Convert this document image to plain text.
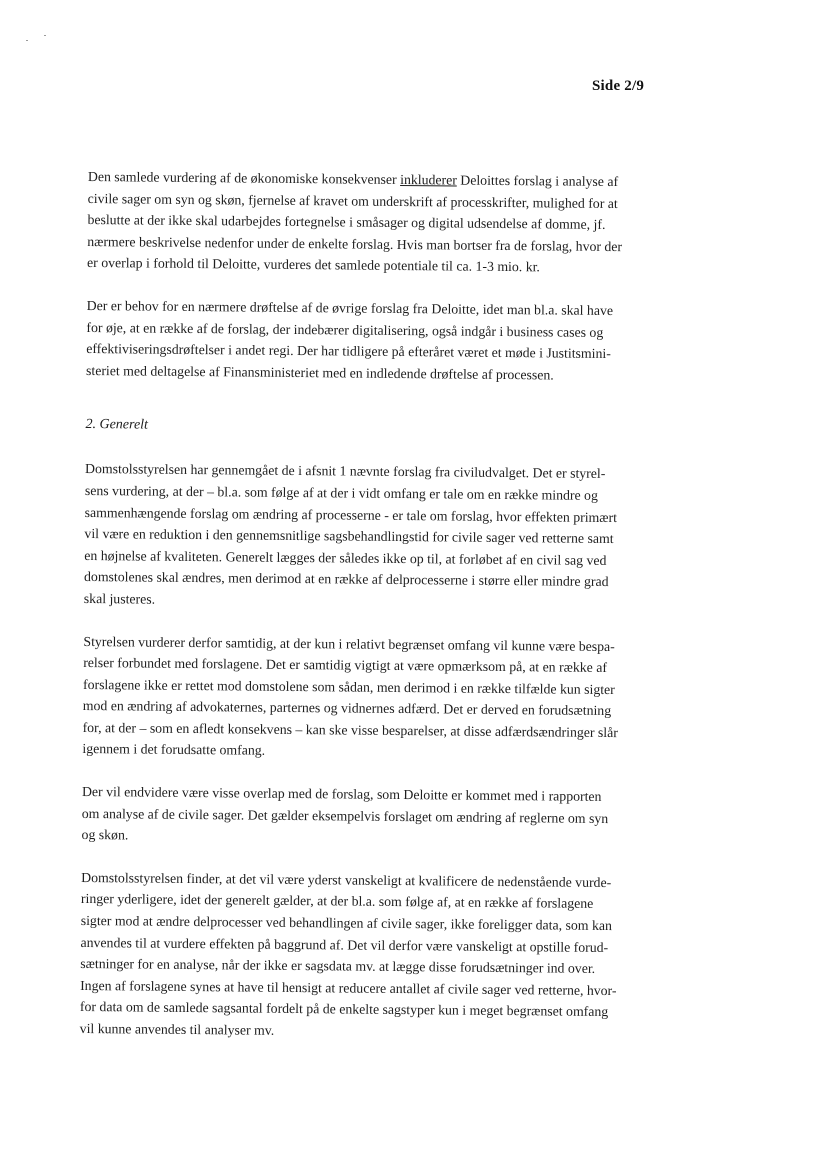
Side 2/9
Den samlede vurdering af de økonomiske konsekvenser inkluderer Deloittes forslag i analyse af
civile sager om syn og skøn, fjernelse af kravet om underskrift af processkrifter, mulighed for at
beslutte at der ikke skal udarbejdes fortegnelse i småsager og digital udsendelse af domme, jf.
nærmere beskrivelse nedenfor under de enkelte forslag. Hvis man bortser fra de forslag, hvor der
er overlap i forhold til Deloitte, vurderes det samlede potentiale til ca. 1-3 mio. kr.
Der er behov for en nærmere drøftelse af de øvrige forslag fra Deloitte, idet man bl.a. skal have
for øje, at en række af de forslag, der indebærer digitalisering, også indgår i business cases og
effektiviseringsdrøftelser i andet regi. Der har tidligere på efteråret været et møde i Justitsmini-
steriet med deltagelse af Finansministeriet med en indledende drøftelse af processen.
2. Generelt
Domstolsstyrelsen har gennemgået de i afsnit 1 nævnte forslag fra civiludvalget. Det er styrel-
sens vurdering, at der – bl.a. som følge af at der i vidt omfang er tale om en række mindre og
sammenhængende forslag om ændring af processerne - er tale om forslag, hvor effekten primært
vil være en reduktion i den gennemsnitlige sagsbehandlingstid for civile sager ved retterne samt
en højnelse af kvaliteten. Generelt lægges der således ikke op til, at forløbet af en civil sag ved
domstolenes skal ændres, men derimod at en række af delprocesserne i større eller mindre grad
skal justeres.
Styrelsen vurderer derfor samtidig, at der kun i relativt begrænset omfang vil kunne være bespa-
relser forbundet med forslagene. Det er samtidig vigtigt at være opmærksom på, at en række af
forslagene ikke er rettet mod domstolene som sådan, men derimod i en række tilfælde kun sigter
mod en ændring af advokaternes, parternes og vidnernes adfærd. Det er derved en forudsætning
for, at der – som en afledt konsekvens – kan ske visse besparelser, at disse adfærdsændringer slår
igennem i det forudsatte omfang.
Der vil endvidere være visse overlap med de forslag, som Deloitte er kommet med i rapporten
om analyse af de civile sager. Det gælder eksempelvis forslaget om ændring af reglerne om syn
og skøn.
Domstolsstyrelsen finder, at det vil være yderst vanskeligt at kvalificere de nedenstående vurde-
ringer yderligere, idet der generelt gælder, at der bl.a. som følge af, at en række af forslagene
sigter mod at ændre delprocesser ved behandlingen af civile sager, ikke foreligger data, som kan
anvendes til at vurdere effekten på baggrund af. Det vil derfor være vanskeligt at opstille forud-
sætninger for en analyse, når der ikke er sagsdata mv. at lægge disse forudsætninger ind over.
Ingen af forslagene synes at have til hensigt at reducere antallet af civile sager ved retterne, hvor-
for data om de samlede sagsantal fordelt på de enkelte sagstyper kun i meget begrænset omfang
vil kunne anvendes til analyser mv.
